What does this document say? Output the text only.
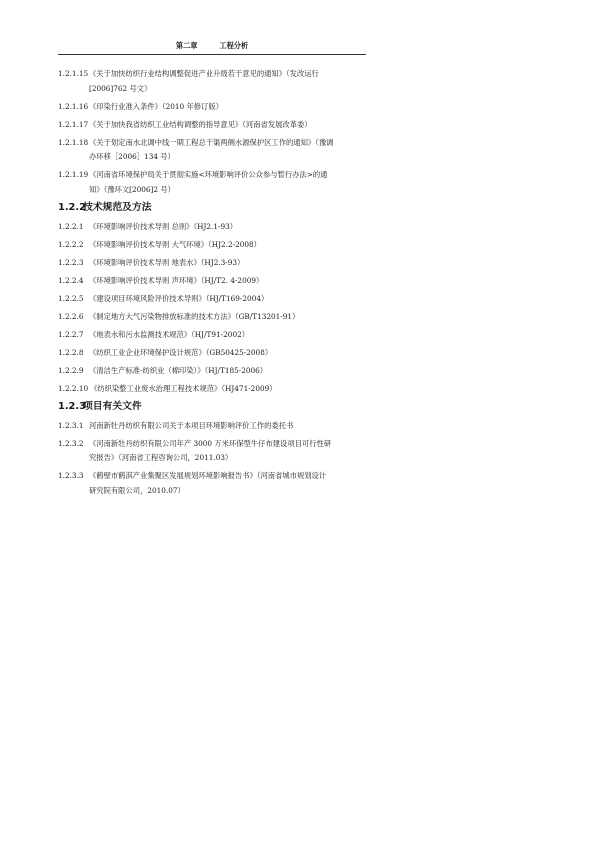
第二章	工程分析
1.2.1.15 《关于加快纺织行业结构调整促进产业升级若干意见的通知》（发改运行
[2006]762 号文）
1.2.1.16 《印染行业准入条件》（2010 年修订版）
1.2.1.17 《关于加快我省纺织工业结构调整的指导意见》（河南省发展改革委）
1.2.1.18 《关于划定南水北调中线一期工程总干渠两侧水源保护区工作的通知》（豫调
办环移［2006］134 号）
1.2.1.19 《河南省环境保护局关于贯彻实施<环境影响评价公众参与暂行办法>的通
知》（豫环文[2006]2 号）
1.2.2技术规范及方法
1.2.2.1 《环境影响评价技术导则 总则》（HJ2.1-93）
1.2.2.2 《环境影响评价技术导则 大气环境》（HJ2.2-2008）
1.2.2.3 《环境影响评价技术导则 地表水》（HJ2.3-93）
1.2.2.4 《环境影响评价技术导则 声环境》（HJ/T2. 4-2009）
1.2.2.5 《建设项目环境风险评价技术导则》（HJ/T169-2004）
1.2.2.6 《制定地方大气污染物排放标准的技术方法》（GB/T13201-91）
1.2.2.7 《地表水和污水监测技术规范》（HJ/T91-2002）
1.2.2.8 《纺织工业企业环境保护设计规范》（GB50425-2008）
1.2.2.9 《清洁生产标准-纺织业（棉印染）》（HJ/T185-2006）
1.2.2.10 《纺织染整工业废水治理工程技术规范》（HJ471-2009）
1.2.3项目有关文件
1.2.3.1 河南新牡丹纺织有限公司关于本项目环境影响评价工作的委托书
1.2.3.2 《河南新牡丹纺织有限公司年产 3000 万米环保型牛仔布建设项目可行性研
究报告》（河南省工程咨询公司，2011.03）
1.2.3.3 《鹤壁市鹤淇产业集聚区发展规划环境影响报告书》（河南省城市规划设计
研究院有限公司，2010.07）
